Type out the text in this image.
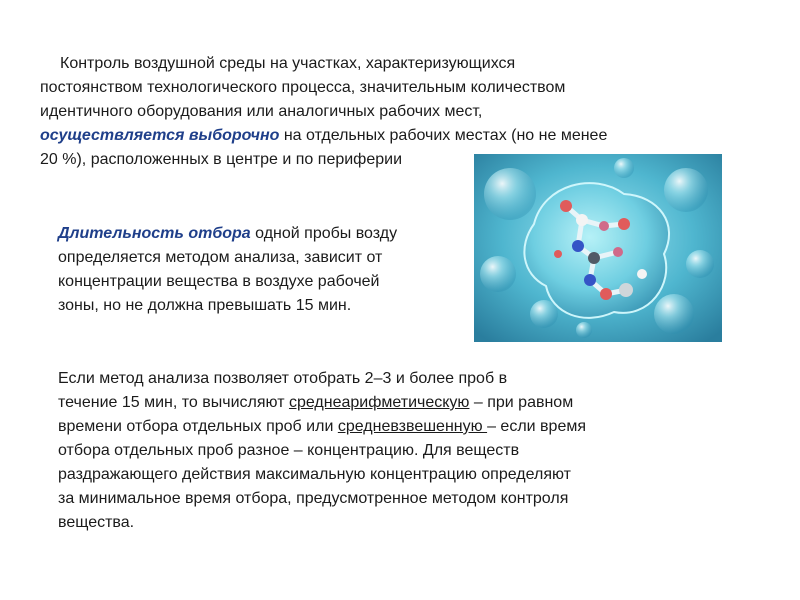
Контроль воздушной среды на участках, характеризующихся
постоянством технологического процесса, значительным количеством
идентичного оборудования или аналогичных рабочих мест,
осуществляется выборочно на отдельных рабочих местах (но не менее
20 %), расположенных в центре и по периферии
Длительность отбора одной пробы возду
определяется методом анализа, зависит от
концентрации вещества в воздухе рабочей
зоны, но не должна превышать 15 мин.
Если метод анализа позволяет отобрать 2–3 и более проб в
течение 15 мин, то вычисляют среднеарифметическую – при равном
времени отбора отдельных проб или средневзвешенную – если время
отбора отдельных проб разное – концентрацию. Для веществ
раздражающего действия максимальную концентрацию определяют
за минимальное время отбора, предусмотренное методом контроля
вещества.
